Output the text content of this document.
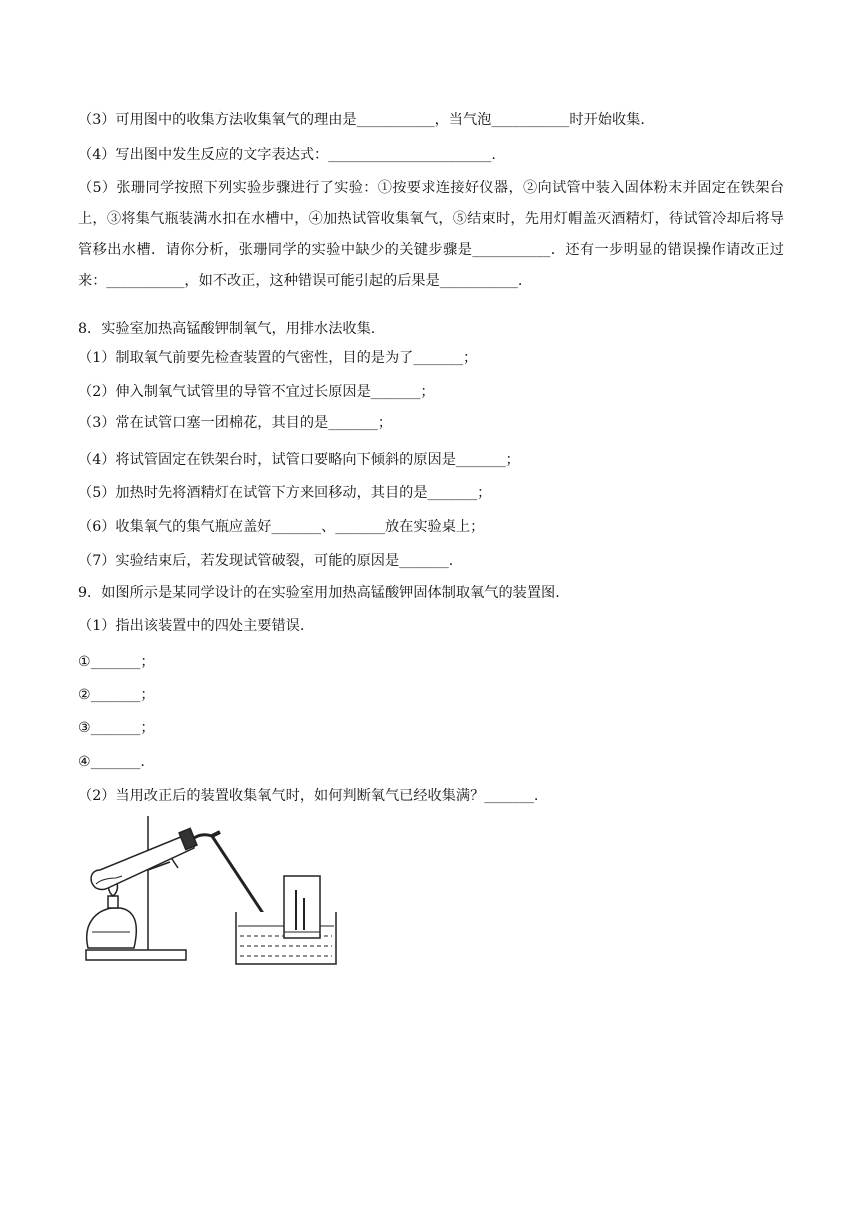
（3）可用图中的收集方法收集氧气的理由是___________，当气泡___________时开始收集.
（4）写出图中发生反应的文字表达式：_______________________.
（5）张珊同学按照下列实验步骤进行了实验：①按要求连接好仪器，②向试管中装入固体粉末并固定在铁架台上，③将集气瓶装满水扣在水槽中，④加热试管收集氧气，⑤结束时，先用灯帽盖灭酒精灯，待试管冷却后将导管移出水槽．请你分析，张珊同学的实验中缺少的关键步骤是___________．还有一步明显的错误操作请改正过来：___________，如不改正，这种错误可能引起的后果是___________.
8．实验室加热高锰酸钾制氧气，用排水法收集.
（1）制取氧气前要先检查装置的气密性，目的是为了_______；
（2）伸入制氧气试管里的导管不宜过长原因是_______；
（3）常在试管口塞一团棉花，其目的是_______；
（4）将试管固定在铁架台时，试管口要略向下倾斜的原因是_______；
（5）加热时先将酒精灯在试管下方来回移动，其目的是_______；
（6）收集氧气的集气瓶应盖好_______、_______放在实验桌上；
（7）实验结束后，若发现试管破裂，可能的原因是_______.
9．如图所示是某同学设计的在实验室用加热高锰酸钾固体制取氧气的装置图.
（1）指出该装置中的四处主要错误.
①_______；
②_______；
③_______；
④_______.
（2）当用改正后的装置收集氧气时，如何判断氧气已经收集满？_______.
